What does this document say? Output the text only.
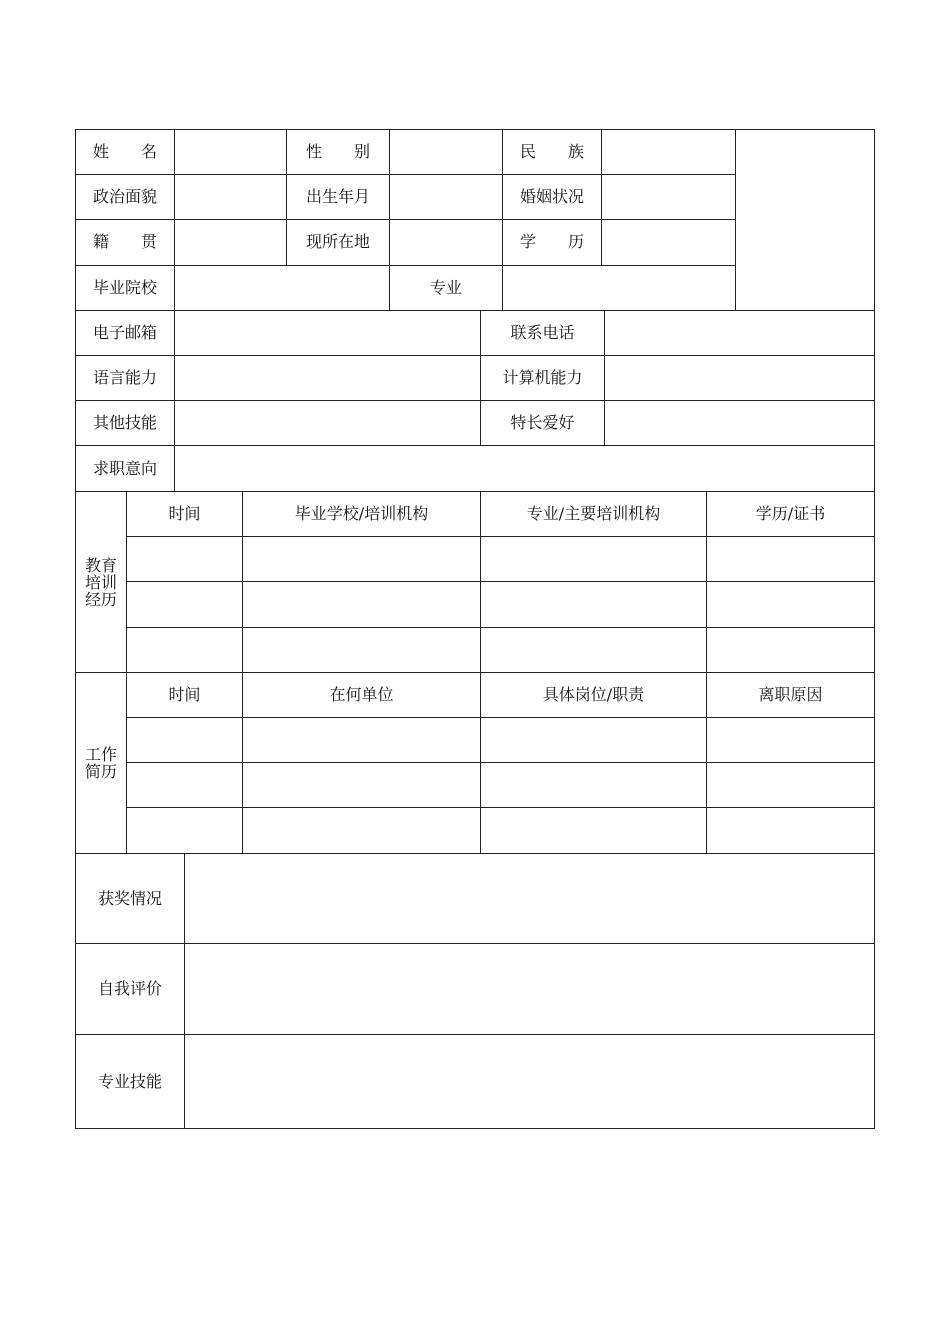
姓　　名	性　　别	民　　族
政治面貌	出生年月	婚姻状况
籍　　贯	现所在地	学　　历
毕业院校	专业
电子邮箱	联系电话
语言能力	计算机能力
其他技能	特长爱好
求职意向
教育培训经历
时间	毕业学校/培训机构	专业/主要培训机构	学历/证书
工作简历
时间	在何单位	具体岗位/职责	离职原因
获奖情况
自我评价
专业技能
